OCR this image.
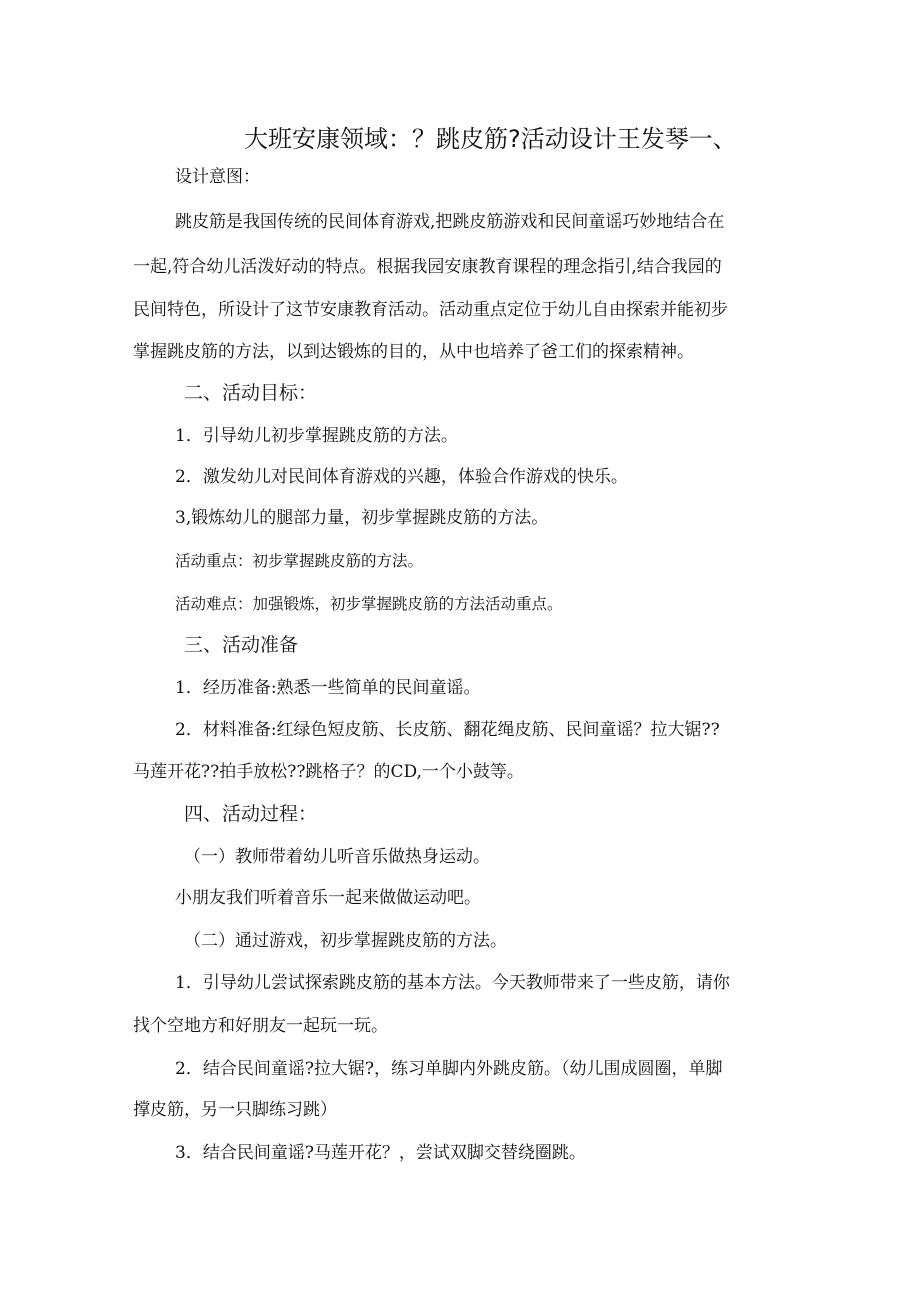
大班安康领域：？跳皮筋?活动设计王发琴一、
设计意图：
跳皮筋是我国传统的民间体育游戏,把跳皮筋游戏和民间童谣巧妙地结合在
一起,符合幼儿活泼好动的特点。根据我园安康教育课程的理念指引,结合我园的
民间特色，所设计了这节安康教育活动。活动重点定位于幼儿自由探索并能初步
掌握跳皮筋的方法，以到达锻炼的目的，从中也培养了爸工们的探索精神。
二、活动目标：
1．引导幼儿初步掌握跳皮筋的方法。
2．激发幼儿对民间体育游戏的兴趣，体验合作游戏的快乐。
3,锻炼幼儿的腿部力量，初步掌握跳皮筋的方法。
活动重点：初步掌握跳皮筋的方法。
活动难点：加强锻炼，初步掌握跳皮筋的方法活动重点。
三、活动准备
1．经历准备:熟悉一些简单的民间童谣。
2．材料准备:红绿色短皮筋、长皮筋、翻花绳皮筋、民间童谣？拉大锯??
马莲开花??拍手放松??跳格子？的CD,一个小鼓等。
四、活动过程：
（一）教师带着幼儿听音乐做热身运动。
小朋友我们听着音乐一起来做做运动吧。
（二）通过游戏，初步掌握跳皮筋的方法。
1．引导幼儿尝试探索跳皮筋的基本方法。今天教师带来了一些皮筋，请你
找个空地方和好朋友一起玩一玩。
2．结合民间童谣?拉大锯?，练习单脚内外跳皮筋。（幼儿围成圆圈，单脚
撑皮筋，另一只脚练习跳）
3．结合民间童谣?马莲开花？，尝试双脚交替绕圈跳。
